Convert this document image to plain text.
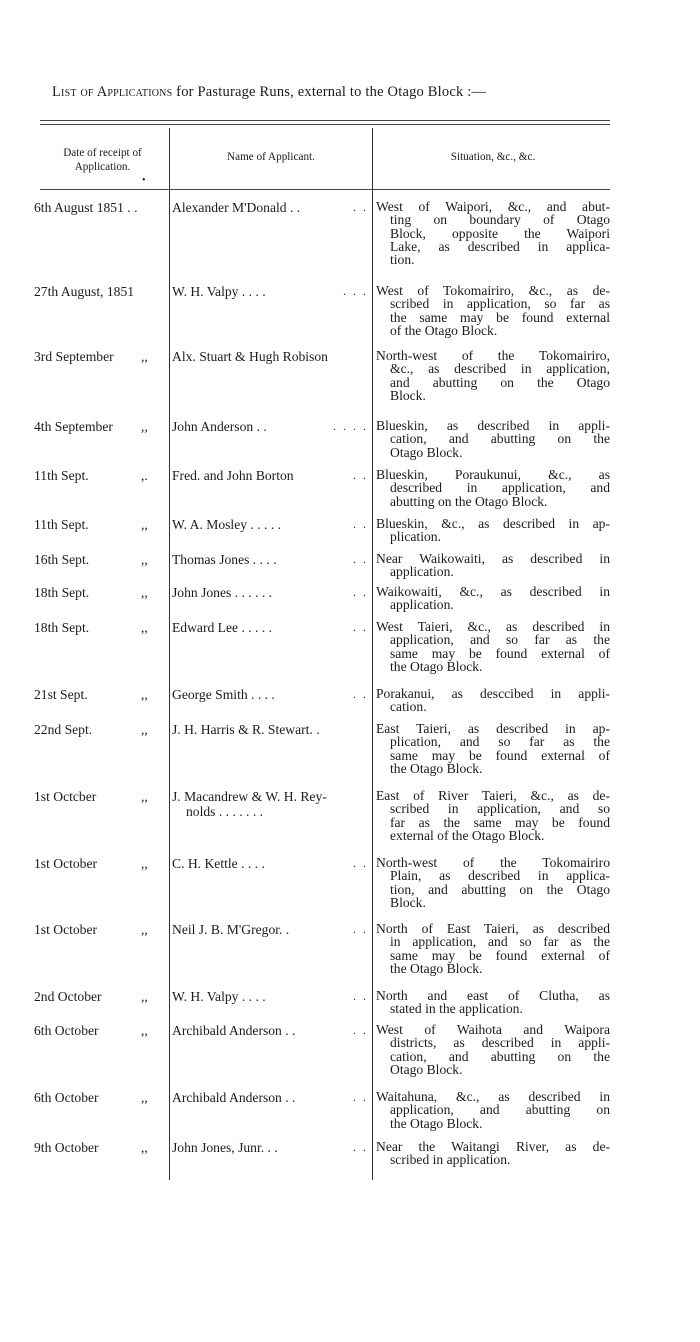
List of Applications for Pasturage Runs, external to the Otago Block :—
Date of receipt of Application.
Name of Applicant.	Situation, &c., &c.
•
6th August 1851 . .	Alexander M'Donald . .	. . West of Waipori, &c., and abut-
ting on boundary of Otago
Block, opposite the Waipori
Lake, as described in applica-
tion.
27th August, 1851	W. H. Valpy . . . .	. . . West of Tokomairiro, &c., as de-
scribed in application, so far as
the same may be found external
of the Otago Block.
3rd September ,, Alx. Stuart & Hugh Robison	North-west of the Tokomairiro,
&c., as described in application,
and abutting on the Otago
Block.
4th September ,, John Anderson . .	. . . . Blueskin, as described in appli-
cation, and abutting on the
Otago Block.
11th Sept.	,. Fred. and John Borton	. . Blueskin, Poraukunui, &c., as
described in application, and
abutting on the Otago Block.
11th Sept.	,, W. A. Mosley . . . . .	. . Blueskin, &c., as described in ap-
plication.
16th Sept.	,, Thomas Jones . . . .	. . Near Waikowaiti, as described in
application.
18th Sept.	,, John Jones . . . . . .	. . Waikowaiti, &c., as described in
application.
18th Sept.	,, Edward Lee . . . . .	. . West Taieri, &c., as described in
application, and so far as the
same may be found external of
the Otago Block.
21st Sept.	,, George Smith . . . .	. . Porakanui, as desccibed in appli-
cation.
22nd Sept.	,, J. H. Harris & R. Stewart. .	East Taieri, as described in ap-
plication, and so far as the
same may be found external of
the Otago Block.
1st Octcber	,, J. Macandrew & W. H. Rey-
nolds . . . . . . .
East of River Taieri, &c., as de-
scribed in application, and so
far as the same may be found
external of the Otago Block.
1st October	,, C. H. Kettle . . . .	. . North-west of the Tokomairiro
Plain, as described in applica-
tion, and abutting on the Otago
Block.
1st October	,, Neil J. B. M'Gregor. .	. . North of East Taieri, as described
in application, and so far as the
same may be found external of
the Otago Block.
2nd October	,, W. H. Valpy . . . .	. . North and east of Clutha, as
stated in the application.
6th October	,, Archibald Anderson . .	. . West of Waihota and Waipora
districts, as described in appli-
cation, and abutting on the
Otago Block.
6th October	,, Archibald Anderson . .	. . Waitahuna, &c., as described in
application, and abutting on
the Otago Block.
9th October	,, John Jones, Junr. . .	. . Near the Waitangi River, as de-
scribed in application.
